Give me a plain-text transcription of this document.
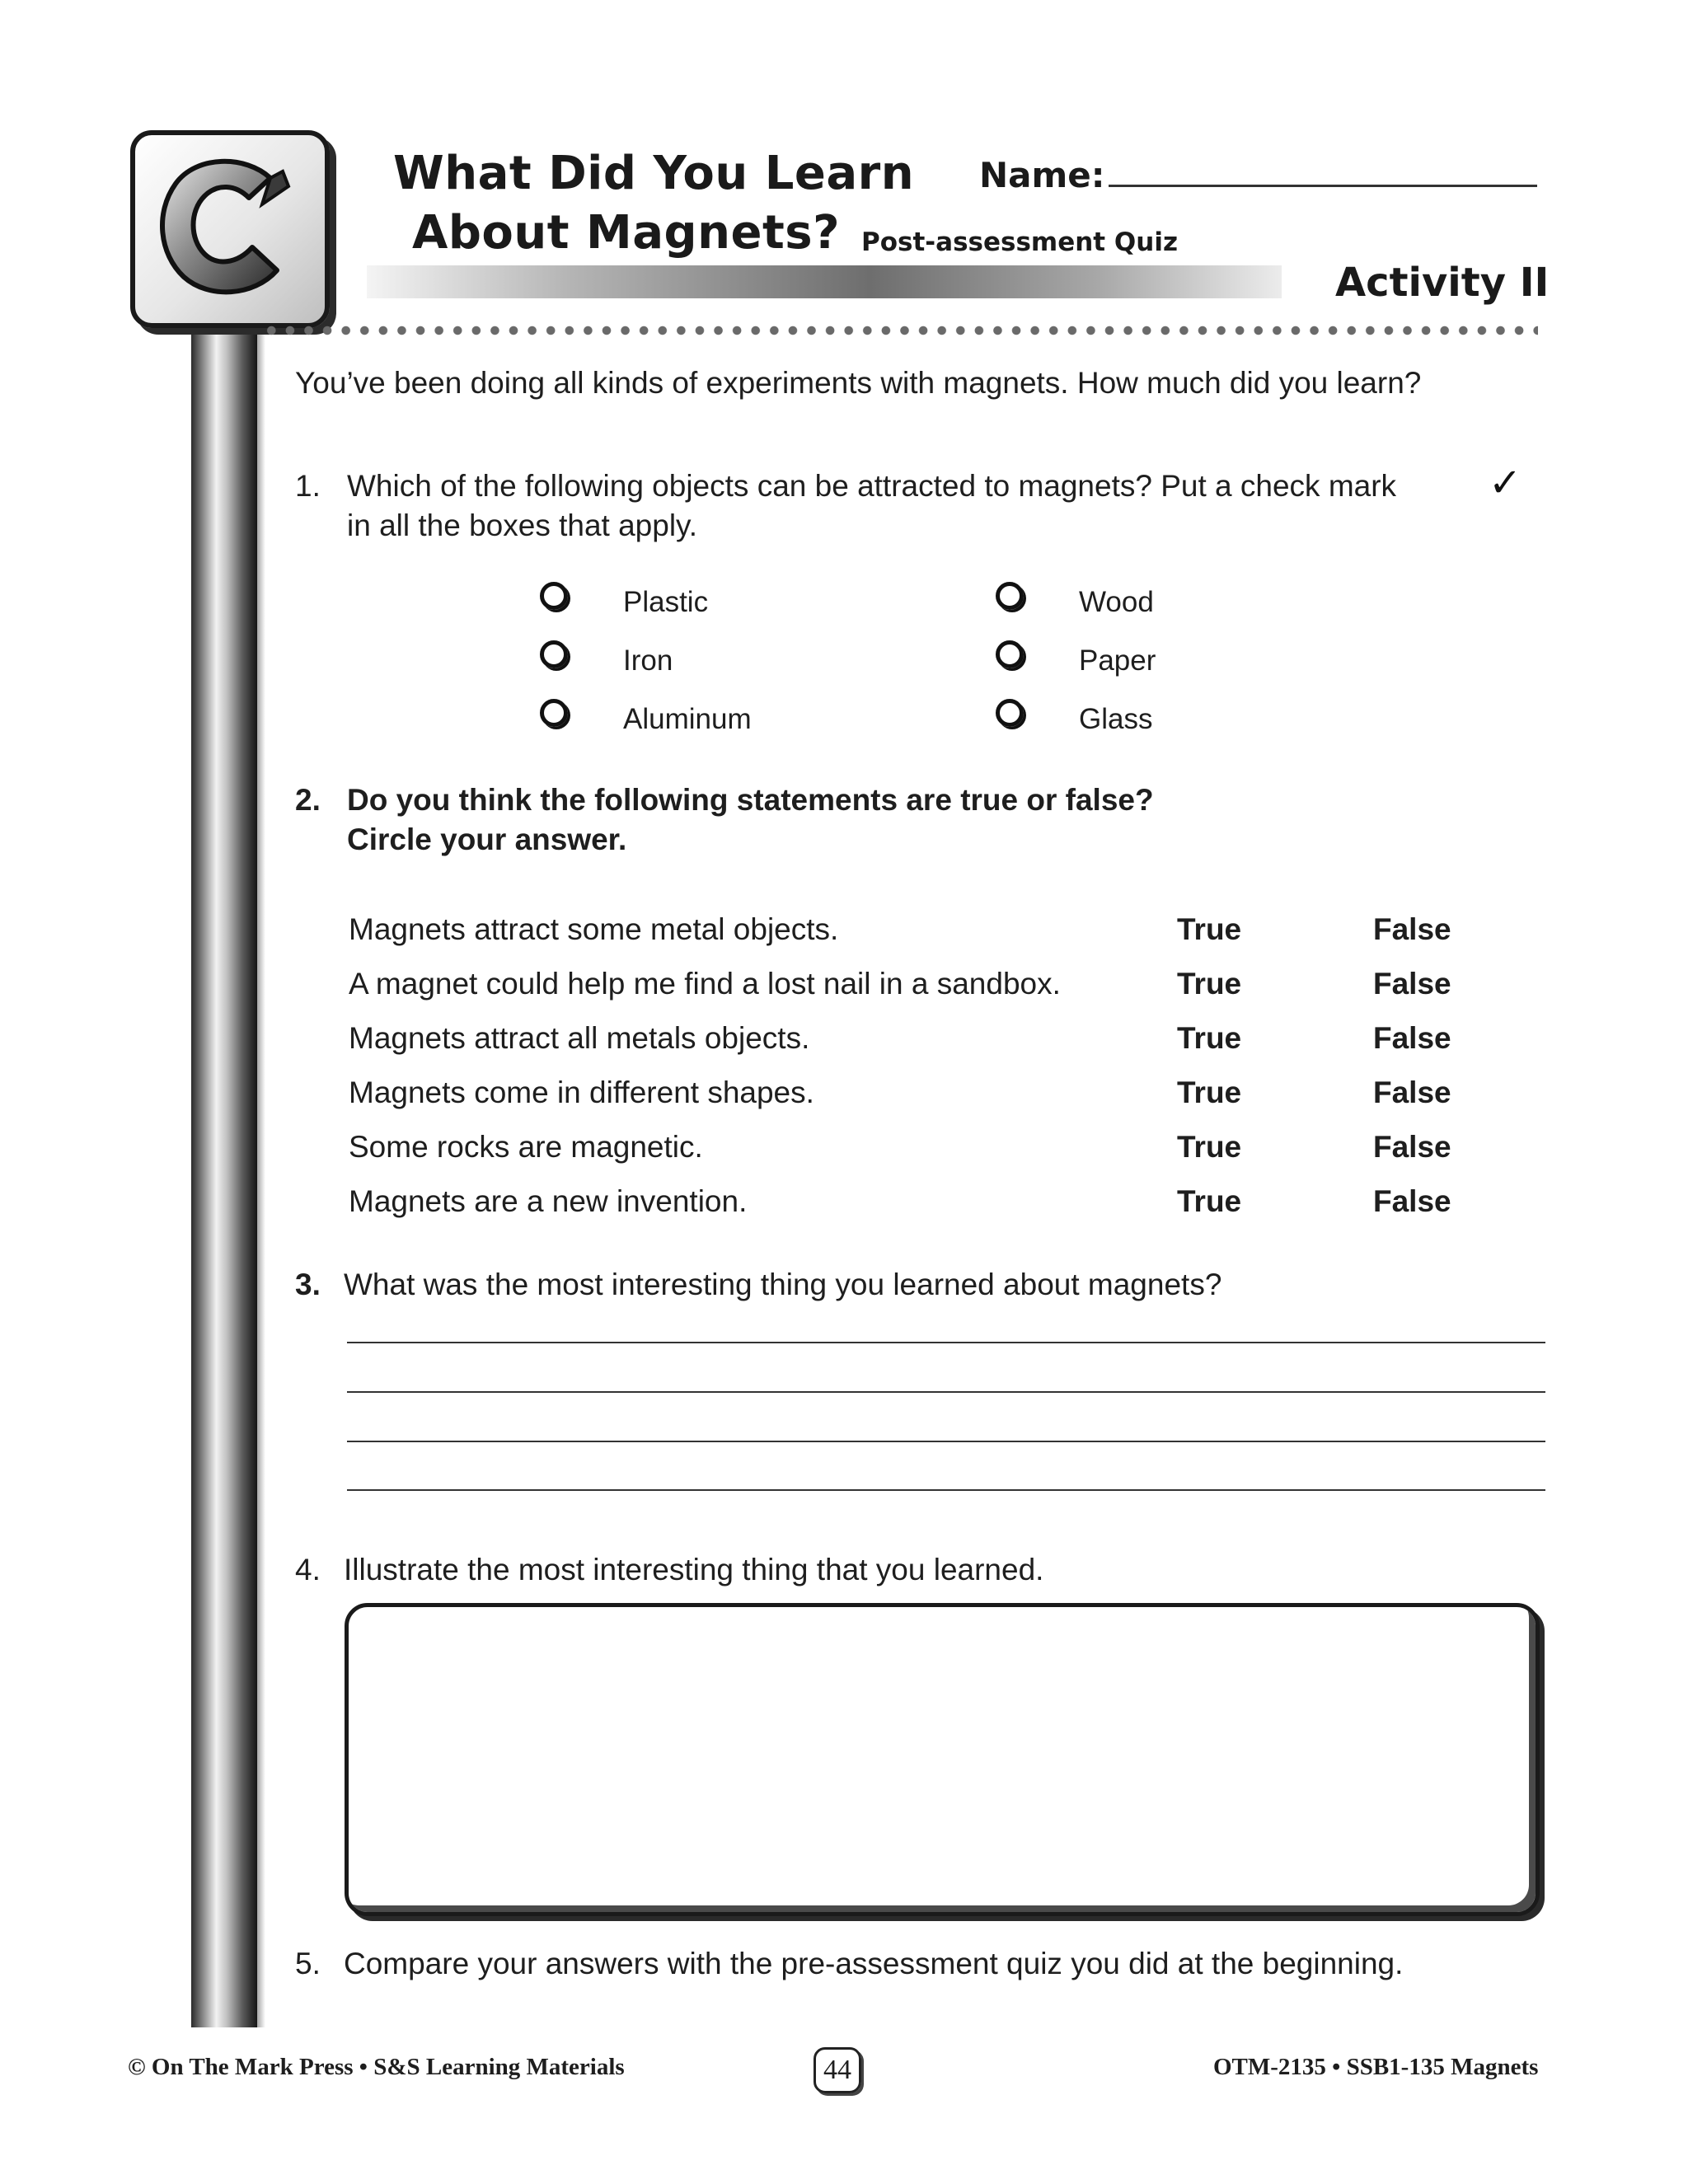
What Did You Learn
About Magnets? Post-assessment Quiz
Name:
Activity II
You’ve been doing all kinds of experiments with magnets. How much did you learn?
1. Which of the following objects can be attracted to magnets? Put a check mark
in all the boxes that apply.
✓
Plastic
Iron
Aluminum
Wood
Paper
Glass
2. Do you think the following statements are true or false?
Circle your answer.
Magnets attract some metal objects.	True	False
A magnet could help me find a lost nail in a sandbox.	True	False
Magnets attract all metals objects.	True	False
Magnets come in different shapes.	True	False
Some rocks are magnetic.	True	False
Magnets are a new invention.	True	False
3. What was the most interesting thing you learned about magnets?
4. Illustrate the most interesting thing that you learned.
5. Compare your answers with the pre-assessment quiz you did at the beginning.
© On The Mark Press • S&S Learning Materials	44	OTM-2135 • SSB1-135 Magnets
